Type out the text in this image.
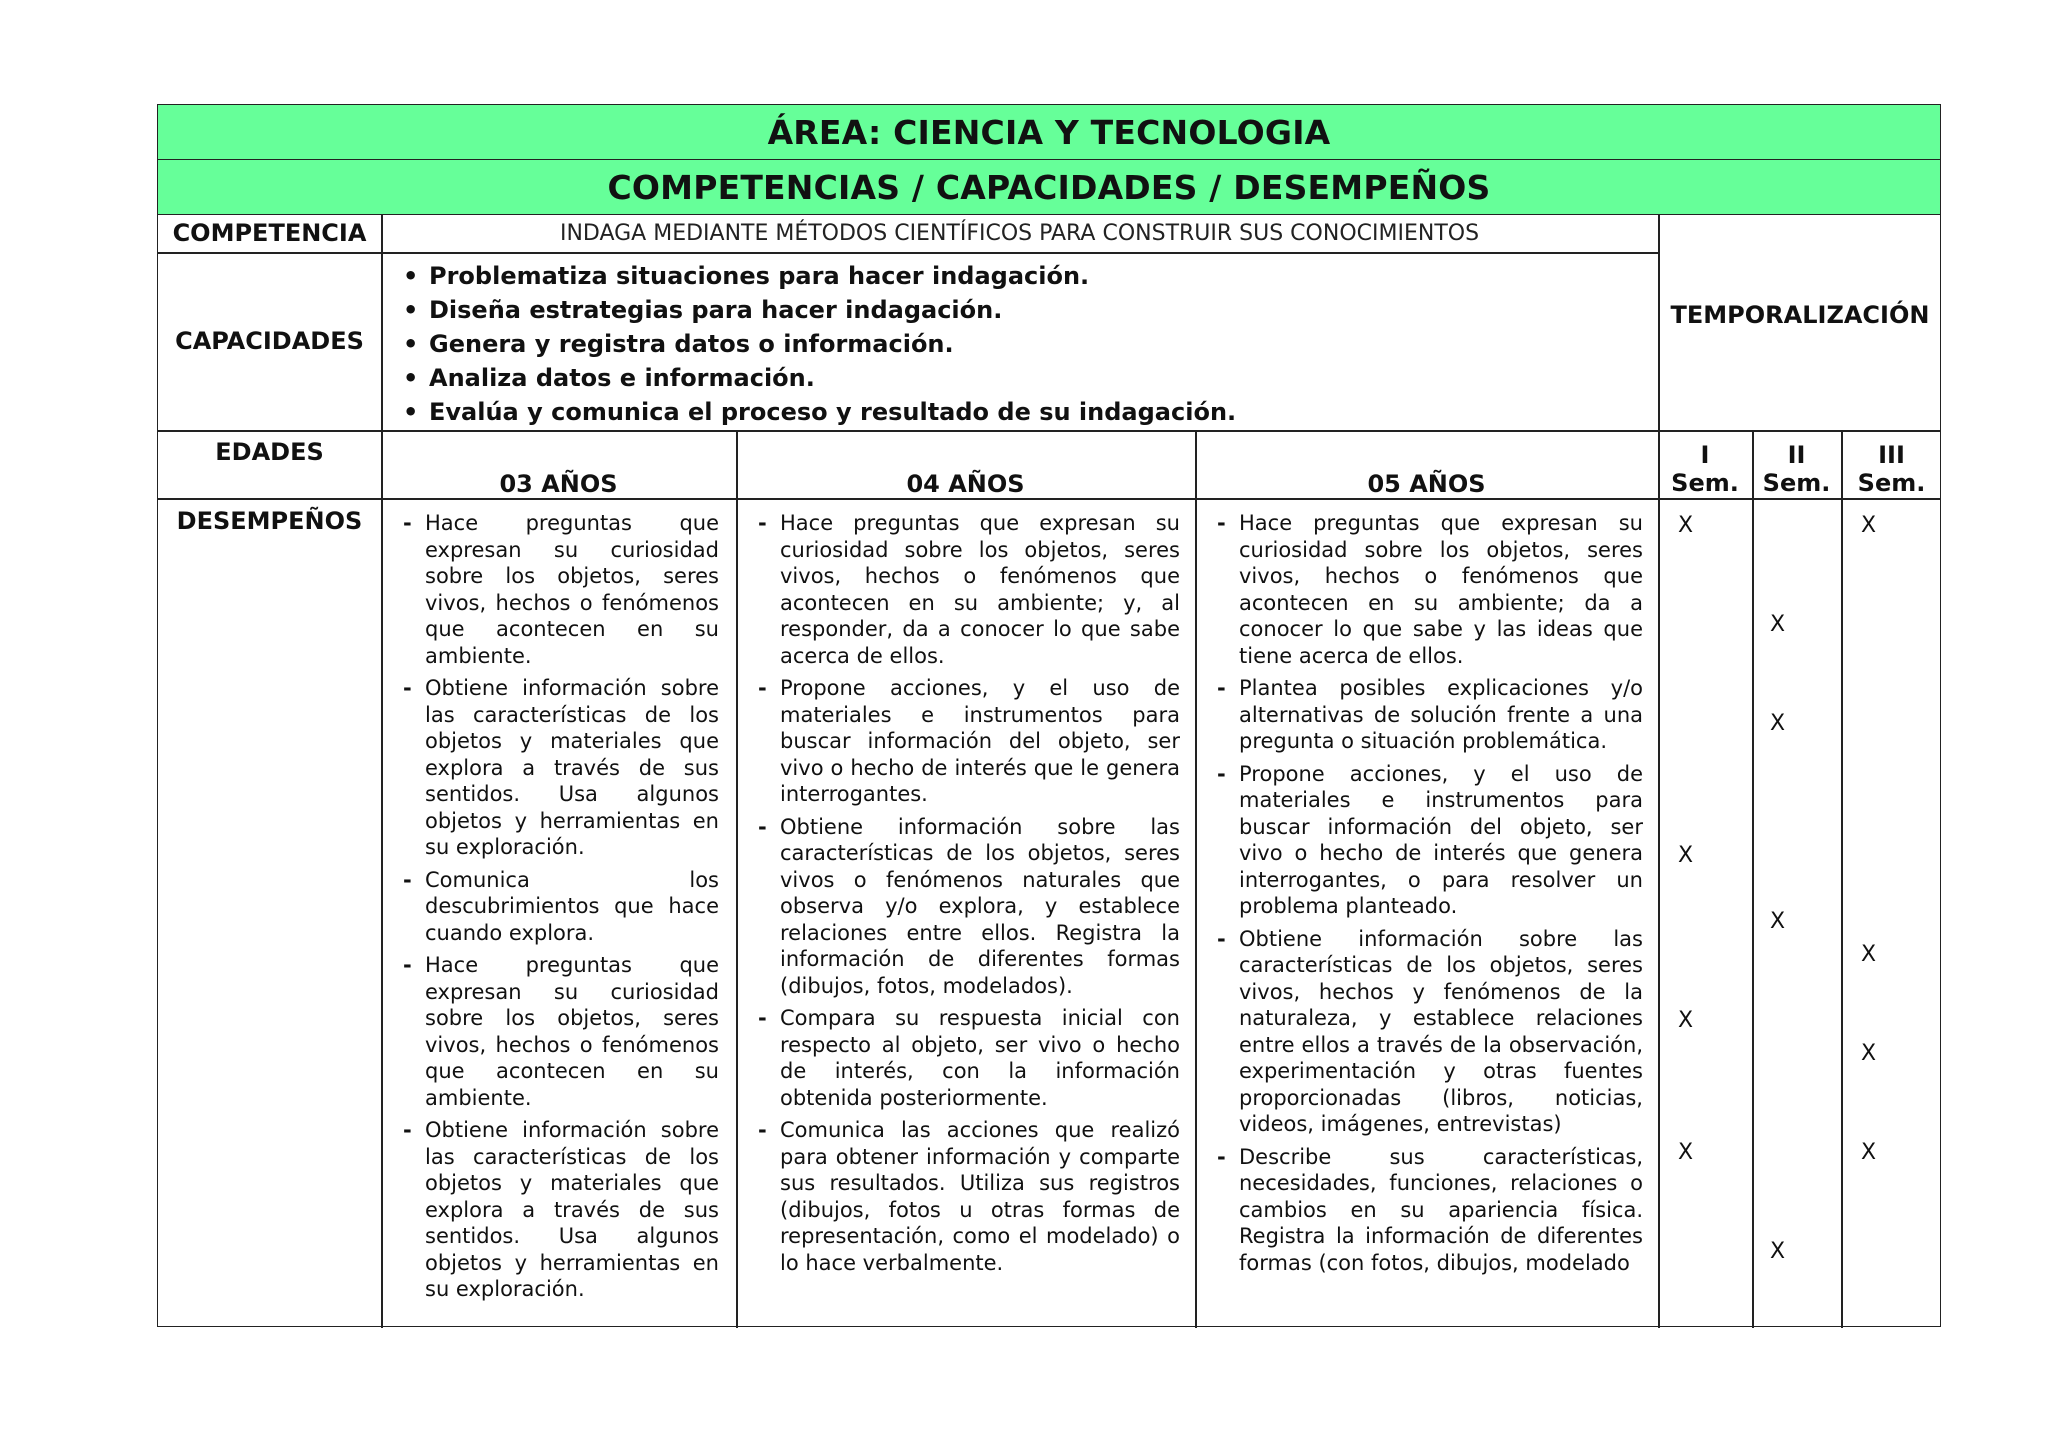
ÁREA: CIENCIA Y TECNOLOGIA
COMPETENCIAS / CAPACIDADES / DESEMPEÑOS
COMPETENCIA	INDAGA MEDIANTE MÉTODOS CIENTÍFICOS PARA CONSTRUIR SUS CONOCIMIENTOS
CAPACIDADES
• Problematiza situaciones para hacer indagación.
• Diseña estrategias para hacer indagación.
• Genera y registra datos o información.
• Analiza datos e información.
• Evalúa y comunica el proceso y resultado de su indagación.
TEMPORALIZACIÓN
EDADES
03 AÑOS	04 AÑOS	05 AÑOS
I
Sem.
II
Sem.
III
Sem.
DESEMPEÑOS
-	Hace preguntas que expresan su curiosidad sobre los objetos, seres vivos, hechos o fenómenos que acontecen en su ambiente.
- Obtiene información sobre las características de los objetos y materiales que explora a través de sus sentidos. Usa algunos objetos y herramientas en su exploración.
- Comunica los descubrimientos que hace cuando explora.
- Hace preguntas que expresan su curiosidad sobre los objetos, seres vivos, hechos o fenómenos que acontecen en su ambiente.
- Obtiene información sobre las características de los objetos y materiales que explora a través de sus sentidos. Usa algunos objetos y herramientas en su exploración.
- Hace preguntas que expresan su curiosidad sobre los objetos, seres vivos, hechos o fenómenos que acontecen en su ambiente; y, al responder, da a conocer lo que sabe acerca de ellos.
- Propone acciones, y el uso de materiales e instrumentos para buscar información del objeto, ser vivo o hecho de interés que le genera interrogantes.
- Obtiene información sobre las características de los objetos, seres vivos o fenómenos naturales que observa y/o explora, y establece relaciones entre ellos. Registra la información de diferentes formas (dibujos, fotos, modelados).
- Compara su respuesta inicial con respecto al objeto, ser vivo o hecho de interés, con la información obtenida posteriormente.
- Comunica las acciones que realizó para obtener información y comparte sus resultados. Utiliza sus registros (dibujos, fotos u otras formas de representación, como el modelado) o lo hace verbalmente.
- Hace preguntas que expresan su curiosidad sobre los objetos, seres vivos, hechos o fenómenos que acontecen en su ambiente; da a conocer lo que sabe y las ideas que tiene acerca de ellos.
- Plantea posibles explicaciones y/o alternativas de solución frente a una pregunta o situación problemática.
- Propone acciones, y el uso de materiales e instrumentos para buscar información del objeto, ser vivo o hecho de interés que genera interrogantes, o para resolver un problema planteado.
- Obtiene información sobre las características de los objetos, seres vivos, hechos y fenómenos de la naturaleza, y establece relaciones entre ellos a través de la observación, experimentación y otras fuentes proporcionadas (libros, noticias, videos, imágenes, entrevistas)
- Describe sus características, necesidades, funciones, relaciones o cambios en su apariencia física. Registra la información de diferentes formas (con fotos, dibujos, modelado
X
X
X
X
X
X
X
X
X
X
X
X
